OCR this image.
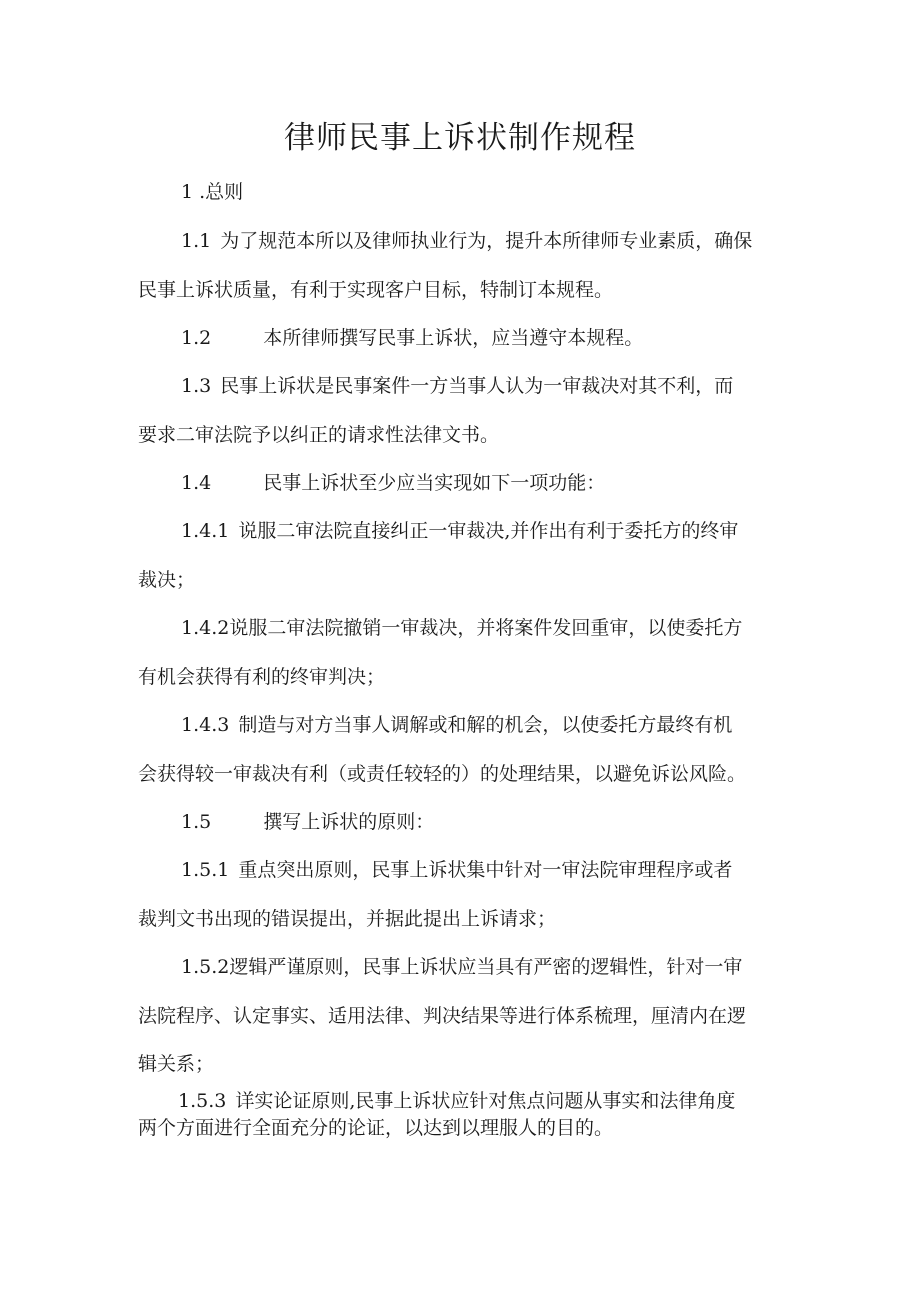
律师民事上诉状制作规程

1 .总则

1.1 为了规范本所以及律师执业行为，提升本所律师专业素质，确保
民事上诉状质量，有利于实现客户目标，特制订本规程。

1.2	本所律师撰写民事上诉状，应当遵守本规程。

1.3 民事上诉状是民事案件一方当事人认为一审裁决对其不利，而
要求二审法院予以纠正的请求性法律文书。

1.4	民事上诉状至少应当实现如下一项功能：

1.4.1 说服二审法院直接纠正一审裁决,并作出有利于委托方的终审
裁决；

1.4.2说服二审法院撤销一审裁决，并将案件发回重审，以使委托方
有机会获得有利的终审判决；

1.4.3 制造与对方当事人调解或和解的机会，以使委托方最终有机
会获得较一审裁决有利（或责任较轻的）的处理结果，以避免诉讼风险。

1.5	撰写上诉状的原则：

1.5.1 重点突出原则，民事上诉状集中针对一审法院审理程序或者
裁判文书出现的错误提出，并据此提出上诉请求；

1.5.2逻辑严谨原则，民事上诉状应当具有严密的逻辑性，针对一审
法院程序、认定事实、适用法律、判决结果等进行体系梳理，厘清内在逻
辑关系；

1.5.3 详实论证原则,民事上诉状应针对焦点问题从事实和法律角度
两个方面进行全面充分的论证，以达到以理服人的目的。
